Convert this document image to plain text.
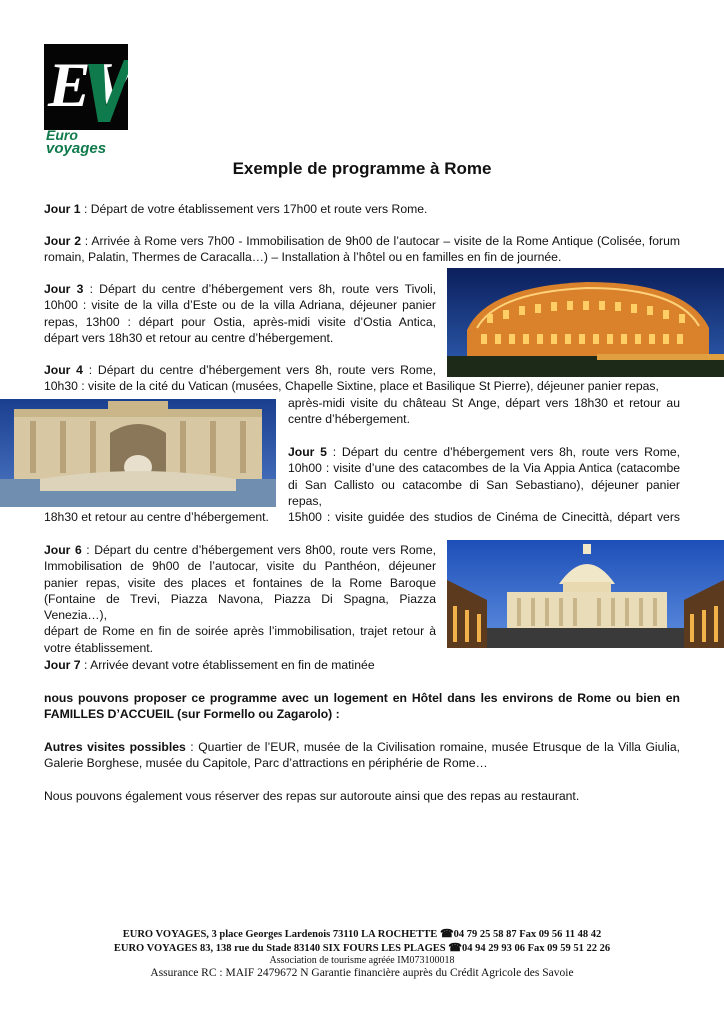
EV
Euro
voyages
Exemple de programme à Rome

Jour 1 : Départ de votre établissement vers 17h00 et route vers Rome.

Jour 2 : Arrivée à Rome vers 7h00 - Immobilisation de 9h00 de l’autocar – visite de la Rome Antique (Colisée, forum romain, Palatin, Thermes de Caracalla…) – Installation à l’hôtel ou en familles en fin de journée.

Jour 3 : Départ du centre d’hébergement vers 8h, route vers Tivoli,
10h00 : visite de la villa d’Este ou de la villa Adriana, déjeuner panier
repas, 13h00 : départ pour Ostia, après-midi visite d’Ostia Antica,
départ vers 18h30 et retour au centre d’hébergement.
Jour 4 : Départ du centre d’hébergement vers 8h, route vers Rome,
10h30 : visite de la cité du Vatican (musées, Chapelle Sixtine, place et Basilique St Pierre), déjeuner panier repas,
après-midi visite du château St Ange, départ vers 18h30 et retour au
centre d’hébergement.
Jour 5 : Départ du centre d’hébergement vers 8h, route vers Rome,
10h00 : visite d’une des catacombes de la Via Appia Antica (catacombe
di San Callisto ou catacombe di San Sebastiano), déjeuner panier repas,
15h00 : visite guidée des studios de Cinéma de Cinecittà, départ vers
18h30 et retour au centre d’hébergement.
Jour 6 : Départ du centre d’hébergement vers 8h00, route vers Rome,
Immobilisation de 9h00 de l’autocar, visite du Panthéon, déjeuner
panier repas, visite des places et fontaines de la Rome Baroque
(Fontaine de Trevi, Piazza Navona, Piazza Di Spagna, Piazza Venezia…),
départ de Rome en fin de soirée après l’immobilisation, trajet retour à
votre établissement.

Jour 7 : Arrivée devant votre établissement en fin de matinée

nous pouvons proposer ce programme avec un logement en Hôtel dans les environs de Rome ou bien en FAMILLES D’ACCUEIL (sur Formello ou Zagarolo) :

Autres visites possibles : Quartier de l’EUR, musée de la Civilisation romaine, musée Etrusque de la Villa Giulia, Galerie Borghese, musée du Capitole, Parc d’attractions en périphérie de Rome…

Nous pouvons également vous réserver des repas sur autoroute ainsi que des repas au restaurant.

EURO VOYAGES, 3 place Georges Lardenois 73110 LA ROCHETTE ☎04 79 25 58 87 Fax 09 56 11 48 42
EURO VOYAGES 83, 138 rue du Stade 83140 SIX FOURS LES PLAGES ☎04 94 29 93 06 Fax 09 59 51 22 26
Association de tourisme agréée IM073100018
Assurance RC : MAIF 2479672 N Garantie financière auprès du Crédit Agricole des Savoie
